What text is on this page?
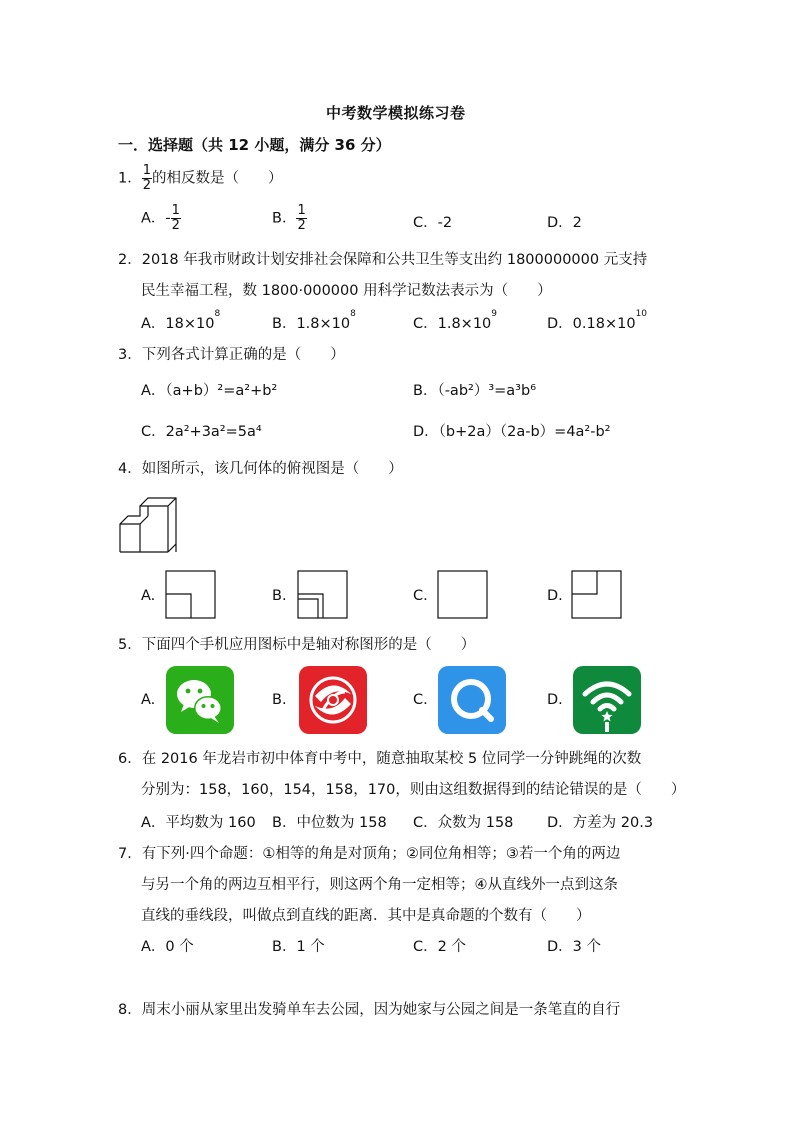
中考数学模拟练习卷
一．选择题（共 12 小题，满分 36 分）
1． $\frac{1}{2}$ 的相反数是（　　）
A．- $\frac{1}{2}$	B． $\frac{1}{2}$	C．-2	D．2
2．2018 年我市财政计划安排社会保障和公共卫生等支出约 1800000000 元支持
民生幸福工程，数 1800·000000 用科学记数法表示为（　　）
A．$18\times 10^8$
B．$1.8\times 10^8$
C．$1.8\times 10^9$
D．$0.18\times 10^{10}$
3．下列各式计算正确的是（　　）
A．（a+b）²=a²+b²	B．（-ab²）³=a³b⁶
C．2a²+3a²=5a⁴	D．（b+2a）（2a-b）=4a²-b²
4．如图所示，该几何体的俯视图是（　　）
A.	B.	C.	D.
5．下面四个手机应用图标中是轴对称图形的是（　　）
A.	B.	C.	D.
6．在 2016 年龙岩市初中体育中考中，随意抽取某校 5 位同学一分钟跳绳的次数
分别为：158，160，154，158，170，则由这组数据得到的结论错误的是（　　）
A．平均数为 160 B．中位数为 158 C．众数为 158 D．方差为 20.3
7．有下列·四个命题：①相等的角是对顶角；②同位角相等；③若一个角的两边
与另一个角的两边互相平行，则这两个角一定相等；④从直线外一点到这条
直线的垂线段，叫做点到直线的距离．其中是真命题的个数有（　　）
A．0 个	B．1 个	C．2 个	D．3 个
8．周末小丽从家里出发骑单车去公园，因为她家与公园之间是一条笔直的自行
